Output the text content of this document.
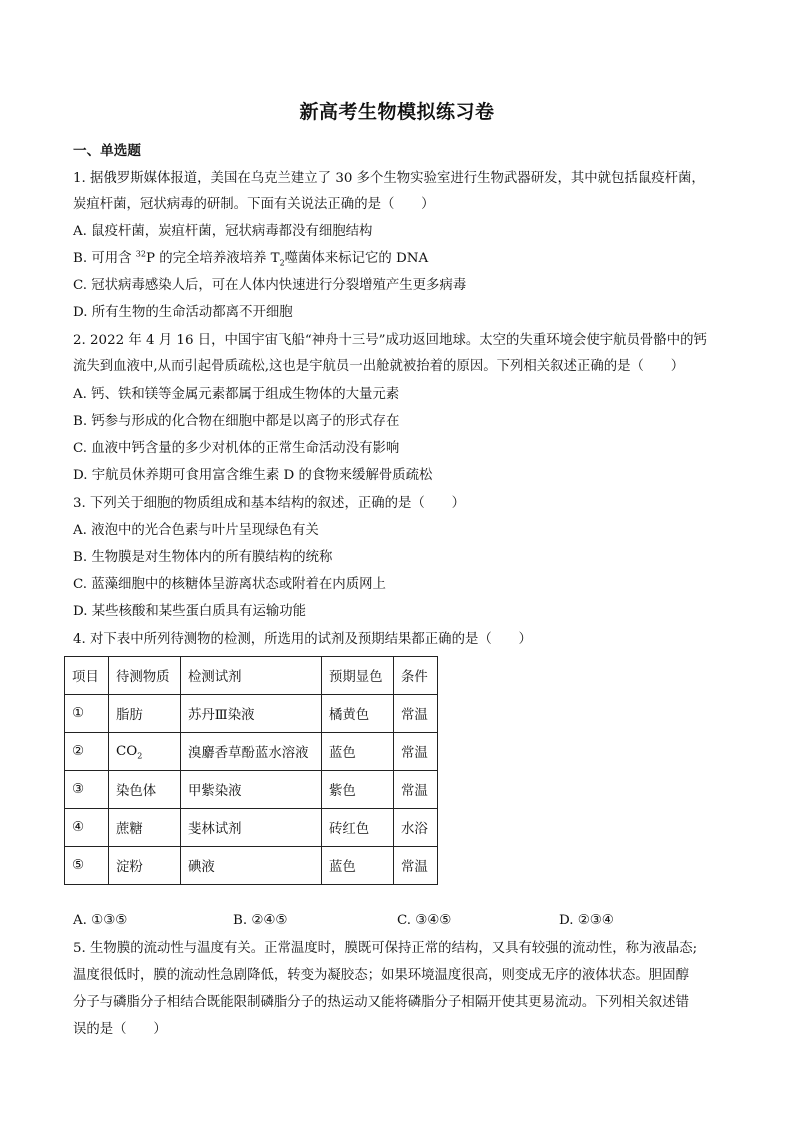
新高考生物模拟练习卷
一、单选题
1. 据俄罗斯媒体报道，美国在乌克兰建立了 30 多个生物实验室进行生物武器研发，其中就包括鼠疫杆菌，
炭疽杆菌，冠状病毒的研制。下面有关说法正确的是（　　）
A. 鼠疫杆菌，炭疽杆菌，冠状病毒都没有细胞结构
B. 可用含 $^{32}$P 的完全培养液培养 $T_2$噬菌体来标记它的 DNA
C. 冠状病毒感染人后，可在人体内快速进行分裂增殖产生更多病毒
D. 所有生物的生命活动都离不开细胞
2. 2022 年 4 月 16 日，中国宇宙飞船“神舟十三号”成功返回地球。太空的失重环境会使宇航员骨骼中的钙
流失到血液中,从而引起骨质疏松,这也是宇航员一出舱就被抬着的原因。下列相关叙述正确的是（　　）
A. 钙、铁和镁等金属元素都属于组成生物体的大量元素
B. 钙参与形成的化合物在细胞中都是以离子的形式存在
C. 血液中钙含量的多少对机体的正常生命活动没有影响
D. 宇航员休养期可食用富含维生素 D 的食物来缓解骨质疏松
3. 下列关于细胞的物质组成和基本结构的叙述，正确的是（　　）
A. 液泡中的光合色素与叶片呈现绿色有关
B. 生物膜是对生物体内的所有膜结构的统称
C. 蓝藻细胞中的核糖体呈游离状态或附着在内质网上
D. 某些核酸和某些蛋白质具有运输功能
4. 对下表中所列待测物的检测，所选用的试剂及预期结果都正确的是（　　）
项目	待测物质	检测试剂	预期显色	条件
①	脂肪	苏丹Ⅲ染液	橘黄色	常温
②	$CO_2$	溴麝香草酚蓝水溶液	蓝色	常温
③	染色体	甲紫染液	紫色	常温
④	蔗糖	斐林试剂	砖红色	水浴
⑤	淀粉	碘液	蓝色	常温
A. ①③⑤	B. ②④⑤	C. ③④⑤	D. ②③④
5. 生物膜的流动性与温度有关。正常温度时，膜既可保持正常的结构，又具有较强的流动性，称为液晶态;
温度很低时，膜的流动性急剧降低，转变为凝胶态；如果环境温度很高，则变成无序的液体状态。胆固醇
分子与磷脂分子相结合既能限制磷脂分子的热运动又能将磷脂分子相隔开使其更易流动。下列相关叙述错
误的是（　　）
